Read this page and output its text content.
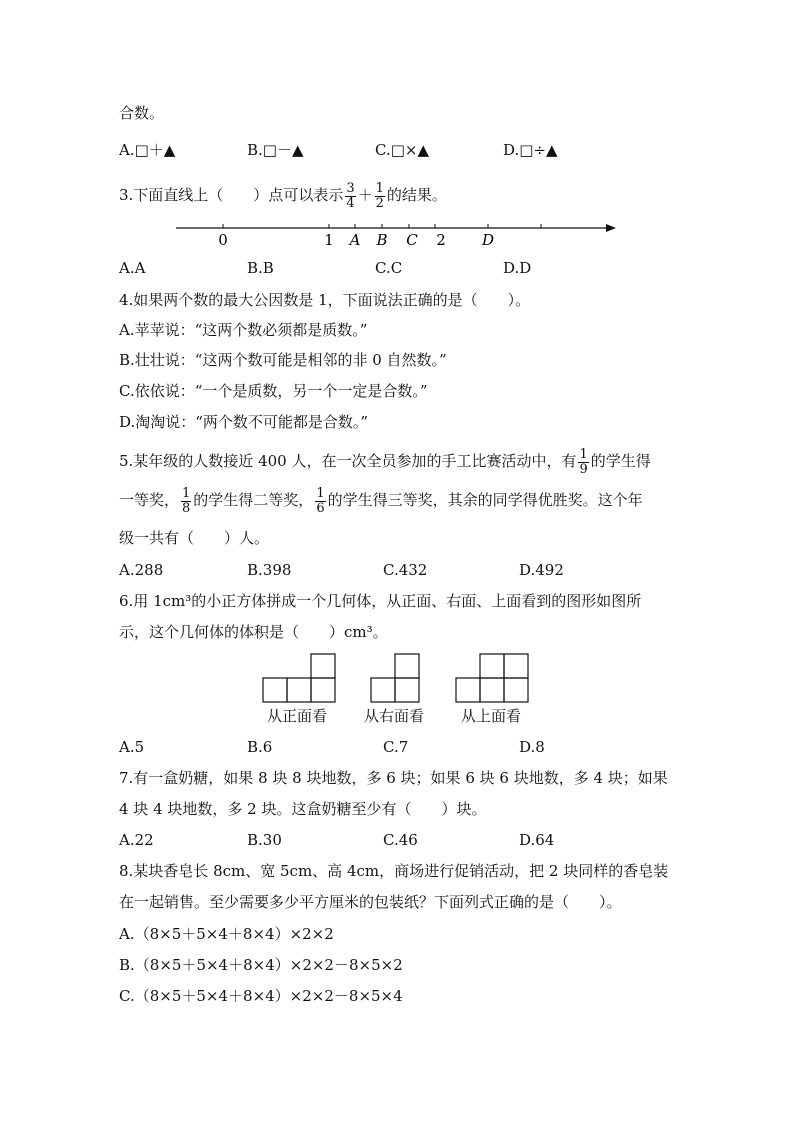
合数。
A.□＋▲	B.□－▲	C.□×▲	D.□÷▲
3.下面直线上（　　）点可以表示 $\frac{3}{4} + \frac{1}{2}$ 的结果。
0	1 A B C 2 D
A.A	B.B	C.C	D.D
4.如果两个数的最大公因数是 1，下面说法正确的是（　　）。
A.苹苹说：“这两个数必须都是质数。”
B.壮壮说：“这两个数可能是相邻的非 0 自然数。”
C.依依说：“一个是质数，另一个一定是合数。”
D.淘淘说：“两个数不可能都是合数。”
5.某年级的人数接近 400 人，在一次全员参加的手工比赛活动中，有 $\frac{1}{9}$ 的学生得
一等奖， $\frac{1}{8}$ 的学生得二等奖， $\frac{1}{6}$ 的学生得三等奖，其余的同学得优胜奖。这个年
级一共有（　　）人。
A.288	B.398	C.432	D.492
6.用 1cm³的小正方体拼成一个几何体，从正面、右面、上面看到的图形如图所
示，这个几何体的体积是（　　）cm³。
从正面看 从右面看 从上面看
A.5	B.6	C.7	D.8
7.有一盒奶糖，如果 8 块 8 块地数，多 6 块；如果 6 块 6 块地数，多 4 块；如果
4 块 4 块地数，多 2 块。这盒奶糖至少有（　　）块。
A.22	B.30	C.46	D.64
8.某块香皂长 8cm、宽 5cm、高 4cm，商场进行促销活动，把 2 块同样的香皂装
在一起销售。至少需要多少平方厘米的包装纸？下面列式正确的是（　　）。
A.（8×5＋5×4＋8×4）×2×2
B.（8×5＋5×4＋8×4）×2×2－8×5×2
C.（8×5＋5×4＋8×4）×2×2－8×5×4
